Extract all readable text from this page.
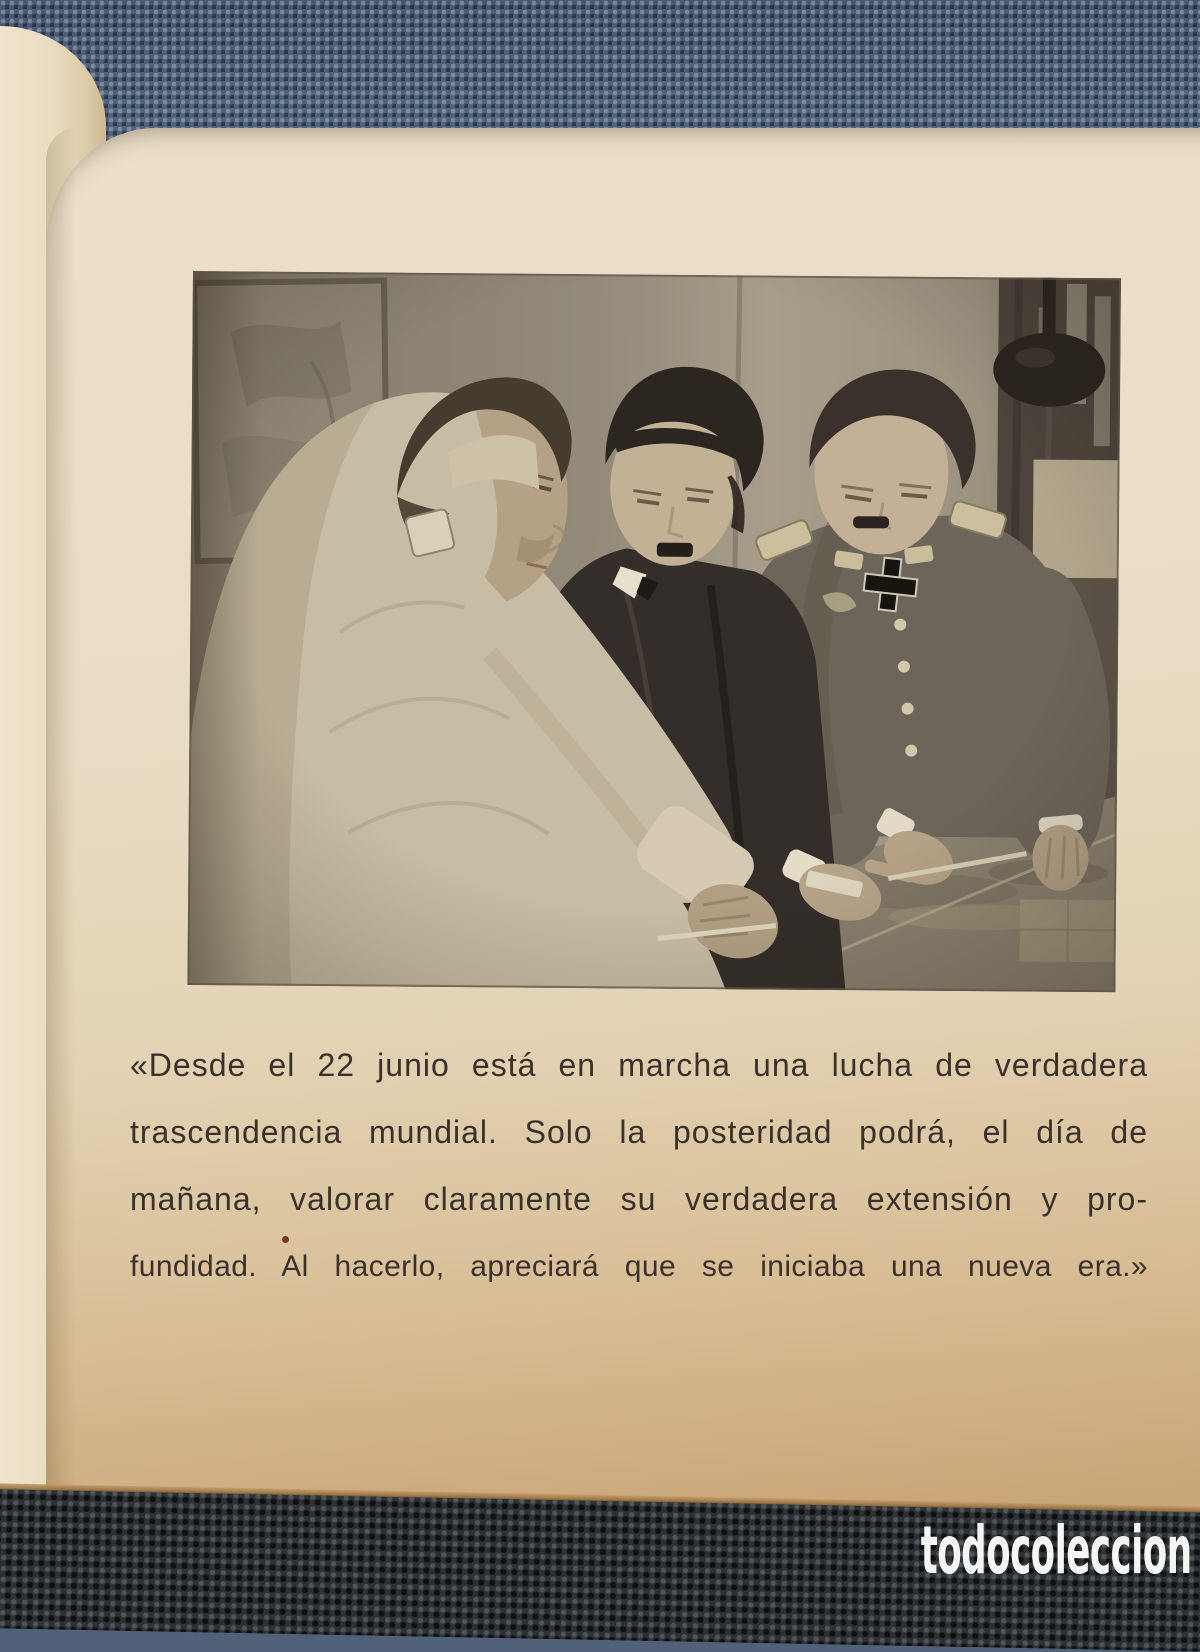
«Desde el 22 junio está en marcha una lucha de verdadera
trascendencia mundial. Solo la posteridad podrá, el día de
mañana, valorar claramente su verdadera extensión y pro-
fundidad. Al hacerlo, apreciará que se iniciaba una nueva era.»
todocoleccion
